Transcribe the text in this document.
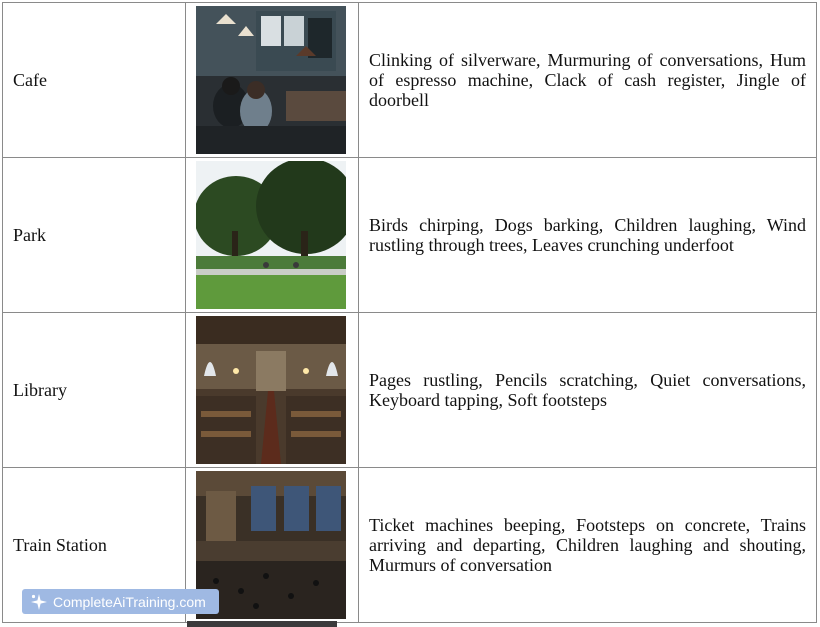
Cafe		Clinking of silverware, Murmuring of conversations, Hum of espresso machine, Clack of cash register, Jingle of doorbell
Park		Birds chirping, Dogs barking, Children laughing, Wind rustling through trees, Leaves crunching underfoot
Library		Pages rustling, Pencils scratching, Quiet conversations, Keyboard tapping, Soft footsteps
Train Station		Ticket machines beeping, Footsteps on concrete, Trains arriving and departing, Children laughing and shouting, Murmurs of conversation
CompleteAiTraining.com
